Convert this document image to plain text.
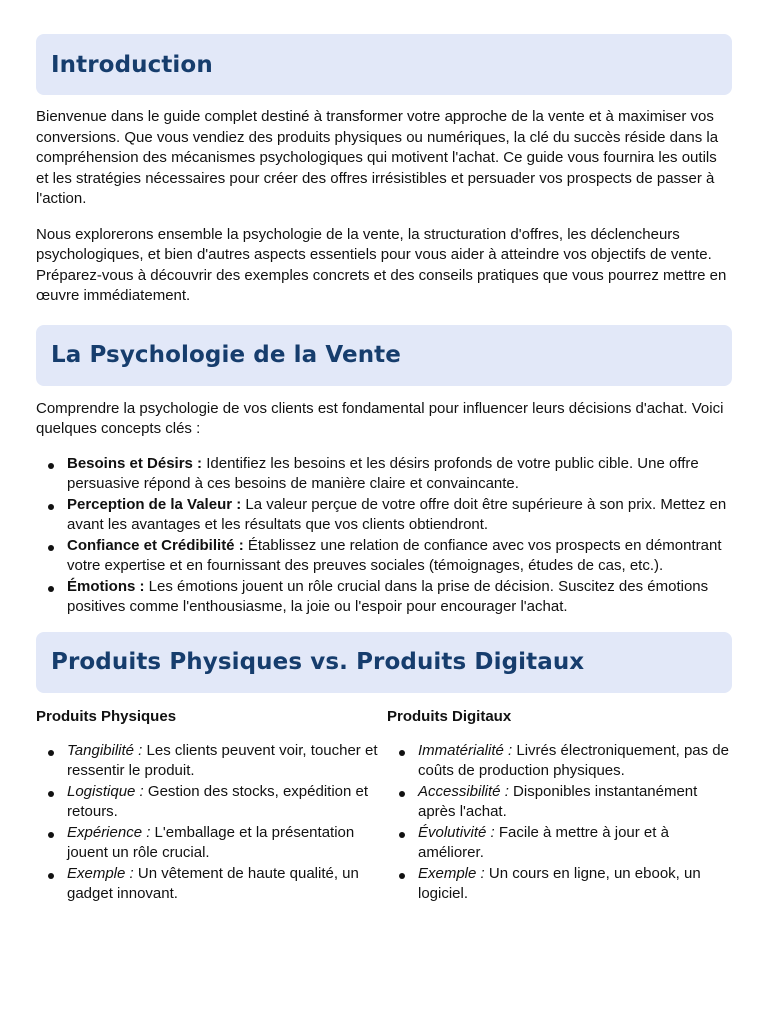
Introduction

Bienvenue dans le guide complet destiné à transformer votre approche de la vente et à maximiser vos conversions. Que vous vendiez des produits physiques ou numériques, la clé du succès réside dans la compréhension des mécanismes psychologiques qui motivent l'achat. Ce guide vous fournira les outils et les stratégies nécessaires pour créer des offres irrésistibles et persuader vos prospects de passer à l'action.

Nous explorerons ensemble la psychologie de la vente, la structuration d'offres, les déclencheurs psychologiques, et bien d'autres aspects essentiels pour vous aider à atteindre vos objectifs de vente. Préparez-vous à découvrir des exemples concrets et des conseils pratiques que vous pourrez mettre en œuvre immédiatement.

La Psychologie de la Vente

Comprendre la psychologie de vos clients est fondamental pour influencer leurs décisions d'achat. Voici quelques concepts clés :

Besoins et Désirs : Identifiez les besoins et les désirs profonds de votre public cible. Une offre persuasive répond à ces besoins de manière claire et convaincante.
Perception de la Valeur : La valeur perçue de votre offre doit être supérieure à son prix. Mettez en avant les avantages et les résultats que vos clients obtiendront.
Confiance et Crédibilité : Établissez une relation de confiance avec vos prospects en démontrant votre expertise et en fournissant des preuves sociales (témoignages, études de cas, etc.).
Émotions : Les émotions jouent un rôle crucial dans la prise de décision. Suscitez des émotions positives comme l'enthousiasme, la joie ou l'espoir pour encourager l'achat.
Produits Physiques vs. Produits Digitaux
Produits Physiques
Tangibilité : Les clients peuvent voir, toucher et ressentir le produit.
Logistique : Gestion des stocks, expédition et retours.
Expérience : L'emballage et la présentation jouent un rôle crucial.
Exemple : Un vêtement de haute qualité, un gadget innovant.
Produits Digitaux
Immatérialité : Livrés électroniquement, pas de coûts de production physiques.
Accessibilité : Disponibles instantanément après l'achat.
Évolutivité : Facile à mettre à jour et à améliorer.
Exemple : Un cours en ligne, un ebook, un logiciel.
